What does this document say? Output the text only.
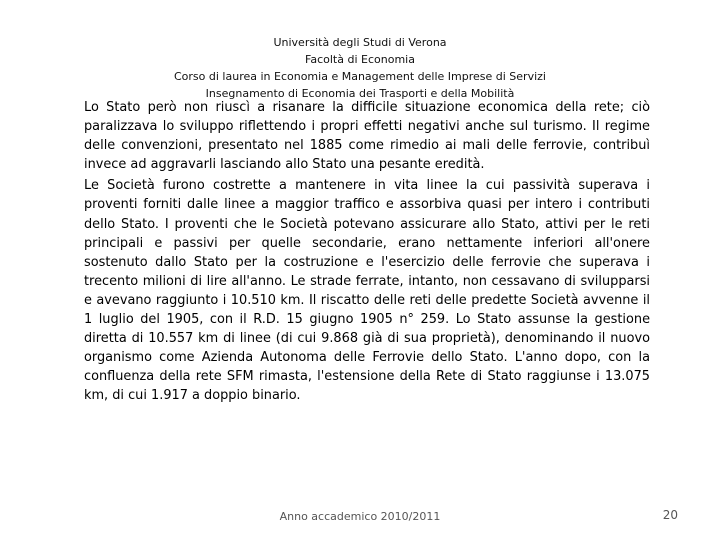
Università degli Studi di Verona
Facoltà di Economia
Corso di laurea in Economia e Management delle Imprese di Servizi
Insegnamento di Economia dei Trasporti e della Mobilità

Lo Stato però non riuscì a risanare la difficile situazione economica della rete; ciò paralizzava lo sviluppo riflettendo i propri effetti negativi anche sul turismo. Il regime delle convenzioni, presentato nel 1885 come rimedio ai mali delle ferrovie, contribuì invece ad aggravarli lasciando allo Stato una pesante eredità.

Le Società furono costrette a mantenere in vita linee la cui passività superava i proventi forniti dalle linee a maggior traffico e assorbiva quasi per intero i contributi dello Stato. I proventi che le Società potevano assicurare allo Stato, attivi per le reti principali e passivi per quelle secondarie, erano nettamente inferiori all'onere sostenuto dallo Stato per la costruzione e l'esercizio delle ferrovie che superava i trecento milioni di lire all'anno. Le strade ferrate, intanto, non cessavano di svilupparsi e avevano raggiunto i 10.510 km. Il riscatto delle reti delle predette Società avvenne il 1 luglio del 1905, con il R.D. 15 giugno 1905 n° 259. Lo Stato assunse la gestione diretta di 10.557 km di linee (di cui 9.868 già di sua proprietà), denominando il nuovo organismo come Azienda Autonoma delle Ferrovie dello Stato. L'anno dopo, con la confluenza della rete SFM rimasta, l'estensione della Rete di Stato raggiunse i 13.075 km, di cui 1.917 a doppio binario.

Anno accademico 2010/2011	20
